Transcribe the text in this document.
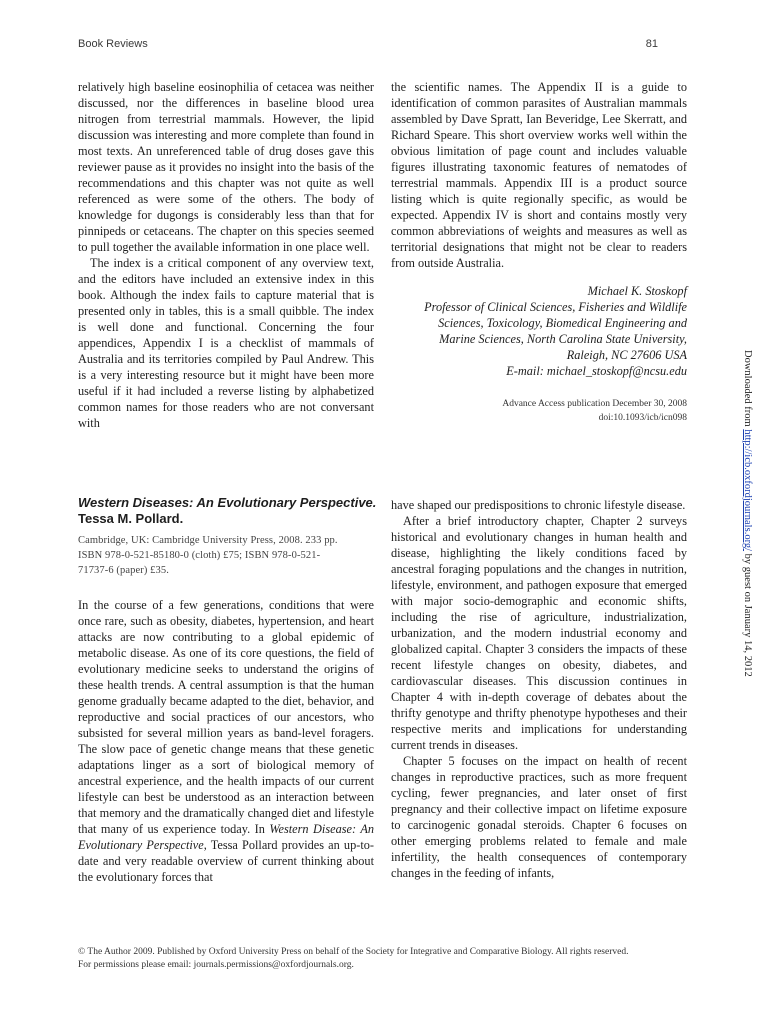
Book Reviews	81

relatively high baseline eosinophilia of cetacea was neither discussed, nor the differences in baseline blood urea nitrogen from terrestrial mammals. However, the lipid discussion was interesting and more complete than found in most texts. An unreferenced table of drug doses gave this reviewer pause as it provides no insight into the basis of the recommendations and this chapter was not quite as well referenced as were some of the others. The body of knowledge for dugongs is considerably less than that for pinnipeds or cetaceans. The chapter on this species seemed to pull together the available information in one place well.

The index is a critical component of any overview text, and the editors have included an extensive index in this book. Although the index fails to capture material that is presented only in tables, this is a small quibble. The index is well done and functional. Concerning the four appendices, Appendix I is a checklist of mammals of Australia and its territories compiled by Paul Andrew. This is a very interesting resource but it might have been more useful if it had included a reverse listing by alphabetized common names for those readers who are not conversant with

the scientific names. The Appendix II is a guide to identification of common parasites of Australian mammals assembled by Dave Spratt, Ian Beveridge, Lee Skerratt, and Richard Speare. This short overview works well within the obvious limitation of page count and includes valuable figures illustrating taxonomic features of nematodes of terrestrial mammals. Appendix III is a product source listing which is quite regionally specific, as would be expected. Appendix IV is short and contains mostly very common abbreviations of weights and measures as well as territorial designations that might not be clear to readers from outside Australia.

Michael K. Stoskopf
Professor of Clinical Sciences, Fisheries and Wildlife
Sciences, Toxicology, Biomedical Engineering and
Marine Sciences, North Carolina State University,
Raleigh, NC 27606 USA
E-mail: michael_stoskopf@ncsu.edu
Advance Access publication December 30, 2008
doi:10.1093/icb/icn098
Western Diseases: An Evolutionary Perspective. Tessa M. Pollard.
Cambridge, UK: Cambridge University Press, 2008. 233 pp.
ISBN 978-0-521-85180-0 (cloth) £75; ISBN 978-0-521-
71737-6 (paper) £35.

In the course of a few generations, conditions that were once rare, such as obesity, diabetes, hypertension, and heart attacks are now contributing to a global epidemic of metabolic disease. As one of its core questions, the field of evolutionary medicine seeks to understand the origins of these health trends. A central assumption is that the human genome gradually became adapted to the diet, behavior, and reproductive and social practices of our ancestors, who subsisted for several million years as band-level foragers. The slow pace of genetic change means that these genetic adaptations linger as a sort of biological memory of ancestral experience, and the health impacts of our current lifestyle can best be understood as an interaction between that memory and the dramatically changed diet and lifestyle that many of us experience today. In Western Disease: An Evolutionary Perspective, Tessa Pollard provides an up-to-date and very readable overview of current thinking about the evolutionary forces that

have shaped our predispositions to chronic lifestyle disease.

After a brief introductory chapter, Chapter 2 surveys historical and evolutionary changes in human health and disease, highlighting the likely conditions faced by ancestral foraging populations and the changes in nutrition, lifestyle, environment, and pathogen exposure that emerged with major socio-demographic and economic shifts, including the rise of agriculture, industrialization, urbanization, and the modern industrial economy and globalized capital. Chapter 3 considers the impacts of these recent lifestyle changes on obesity, diabetes, and cardiovascular diseases. This discussion continues in Chapter 4 with in-depth coverage of debates about the thrifty genotype and thrifty phenotype hypotheses and their respective merits and implications for understanding current trends in diseases.

Chapter 5 focuses on the impact on health of recent changes in reproductive practices, such as more frequent cycling, fewer pregnancies, and later onset of first pregnancy and their collective impact on lifetime exposure to carcinogenic gonadal steroids. Chapter 6 focuses on other emerging problems related to female and male infertility, the health consequences of contemporary changes in the feeding of infants,

Downloaded from http://icb.oxfordjournals.org/ by guest on January 14, 2012
© The Author 2009. Published by Oxford University Press on behalf of the Society for Integrative and Comparative Biology. All rights reserved.
For permissions please email: journals.permissions@oxfordjournals.org.
